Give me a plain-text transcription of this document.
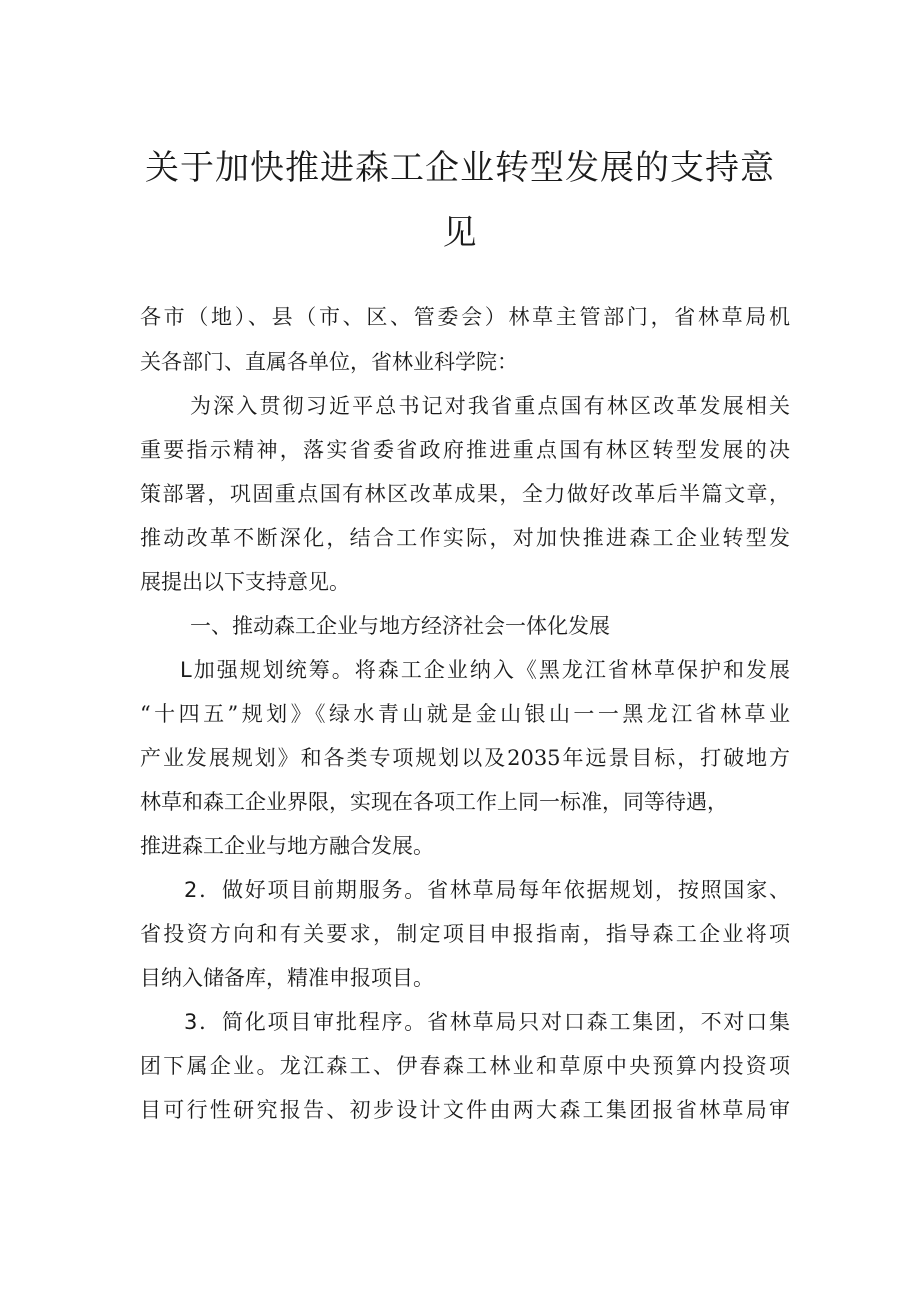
关于加快推进森工企业转型发展的支持意
见
各市（地）、县（市、区、管委会）林草主管部门，省林草局机
关各部门、直属各单位，省林业科学院：
为深入贯彻习近平总书记对我省重点国有林区改革发展相关
重要指示精神，落实省委省政府推进重点国有林区转型发展的决
策部署，巩固重点国有林区改革成果，全力做好改革后半篇文章，
推动改革不断深化，结合工作实际，对加快推进森工企业转型发
展提出以下支持意见。
一、推动森工企业与地方经济社会一体化发展
L加强规划统筹。将森工企业纳入《黑龙江省林草保护和发展
“十四五”规划》《绿水青山就是金山银山一一黑龙江省林草业
产业发展规划》和各类专项规划以及2035年远景目标，打破地方
林草和森工企业界限，实现在各项工作上同一标准，同等待遇，
推进森工企业与地方融合发展。
2．做好项目前期服务。省林草局每年依据规划，按照国家、
省投资方向和有关要求，制定项目申报指南，指导森工企业将项
目纳入储备库，精准申报项目。
3．简化项目审批程序。省林草局只对口森工集团，不对口集
团下属企业。龙江森工、伊春森工林业和草原中央预算内投资项
目可行性研究报告、初步设计文件由两大森工集团报省林草局审
